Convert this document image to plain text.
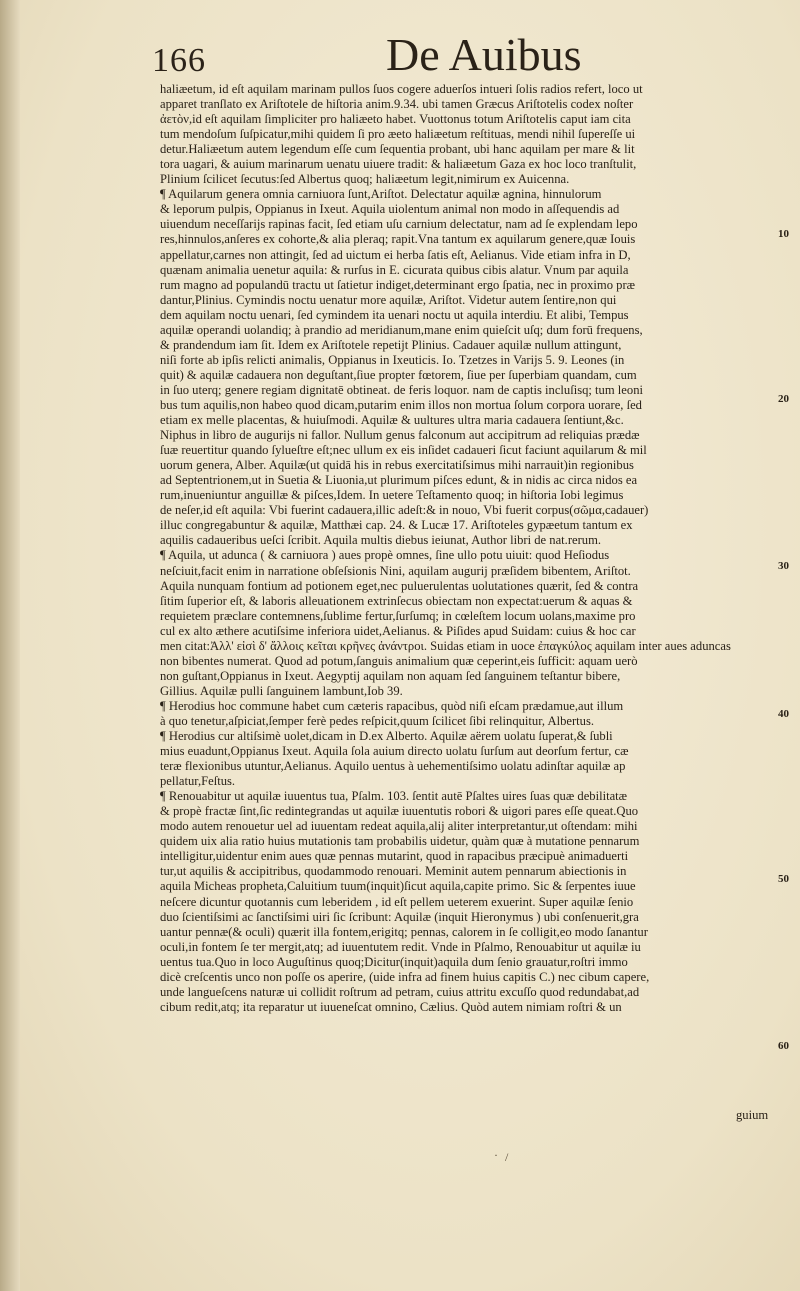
166	De Auibus
haliæetum, id eſt aquilam marinam pullos ſuos cogere aduerſos intueri ſolis radios refert, loco ut
apparet tranſlato ex Ariſtotele de hiſtoria anim.9.34. ubi tamen Græcus Ariſtotelis codex noſter
ἀετὸν,id eſt aquilam ſimpliciter pro haliæeto habet. Vuottonus totum Ariſtotelis caput iam cita
tum mendoſum ſuſpicatur,mihi quidem ſi pro æeto haliæetum reſtituas, mendi nihil ſupereſſe ui
detur.Haliæetum autem legendum eſſe cum ſequentia probant, ubi hanc aquilam per mare & lit
tora uagari, & auium marinarum uenatu uiuere tradit: & haliæetum Gaza ex hoc loco tranſtulit,
Plinium ſcilicet ſecutus:ſed Albertus quoq; haliæetum legit,nimirum ex Auicenna.
¶ Aquilarum genera omnia carniuora ſunt,Ariſtot. Delectatur aquilæ agnina, hinnulorum
& leporum pulpis, Oppianus in Ixeut. Aquila uiolentum animal non modo in aſſequendis ad
uiuendum neceſſarijs rapinas facit, ſed etiam uſu carnium delectatur, nam ad ſe explendam lepo
res,hinnulos,anſeres ex cohorte,& alia pleraq; rapit.Vna tantum ex aquilarum genere,quæ Iouis
appellatur,carnes non attingit, ſed ad uictum ei herba ſatis eſt, Aelianus. Vide etiam infra in D,
quænam animalia uenetur aquila: & rurſus in E. cicurata quibus cibis alatur. Vnum par aquila
rum magno ad populandū tractu ut ſatietur indiget,determinant ergo ſpatia, nec in proximo præ
dantur,Plinius. Cymindis noctu uenatur more aquilæ, Ariſtot. Videtur autem ſentire,non qui
dem aquilam noctu uenari, ſed cymindem ita uenari noctu ut aquila interdiu. Et alibi, Tempus
aquilæ operandi uolandiq; à prandio ad meridianum,mane enim quieſcit uſq; dum forū frequens,
& prandendum iam ſit. Idem ex Ariſtotele repetijt Plinius. Cadauer aquilæ nullum attingunt,
niſi forte ab ipſis relicti animalis, Oppianus in Ixeuticis. Io. Tzetzes in Varijs 5. 9. Leones (in
quit) & aquilæ cadauera non deguſtant,ſiue propter fœtorem, ſiue per ſuperbiam quandam, cum
in ſuo uterq; genere regiam dignitatē obtineat. de feris loquor. nam de captis incluſisq; tum leoni
bus tum aquilis,non habeo quod dicam,putarim enim illos non mortua ſolum corpora uorare, ſed
etiam ex melle placentas, & huiuſmodi. Aquilæ & uultures ultra maria cadauera ſentiunt,&c.
Niphus in libro de augurijs ni fallor. Nullum genus falconum aut accipitrum ad reliquias prædæ
ſuæ reuertitur quando ſylueſtre eſt;nec ullum ex eis inſidet cadaueri ſicut faciunt aquilarum & mil
uorum genera, Alber. Aquilæ(ut quidā his in rebus exercitatiſsimus mihi narrauit)in regionibus
ad Septentrionem,ut in Suetia & Liuonia,ut plurimum piſces edunt, & in nidis ac circa nidos ea
rum,inueniuntur anguillæ & piſces,Idem. In uetere Teſtamento quoq; in hiſtoria Iobi legimus
de neſer,id eſt aquila: Vbi fuerint cadauera,illic adeſt:& in nouo, Vbi fuerit corpus(σῶμα,cadauer)
illuc congregabuntur & aquilæ, Matthæi cap. 24. & Lucæ 17. Ariſtoteles gypæetum tantum ex
aquilis cadaueribus ueſci ſcribit. Aquila multis diebus ieiunat, Author libri de nat.rerum.
¶ Aquila, ut adunca ( & carniuora ) aues propè omnes, ſine ullo potu uiuit: quod Heſiodus
neſciuit,facit enim in narratione obſeſsionis Nini, aquilam augurij præſidem bibentem, Ariſtot.
Aquila nunquam fontium ad potionem eget,nec puluerulentas uolutationes quærit, ſed & contra
ſitim ſuperior eſt, & laboris alleuationem extrinſecus obiectam non expectat:uerum & aquas &
requietem præclare contemnens,ſublime fertur,ſurſumq; in cœleſtem locum uolans,maxime pro
cul ex alto æthere acutiſsime inferiora uidet,Aelianus. & Piſides apud Suidam: cuius & hoc car
men citat:Ἀλλ' εἰσὶ δ' ἄλλοις κεῖται κρῆνες ἀνάντροι. Suidas etiam in uoce ἐπαγκύλος aquilam inter aues aduncas
non bibentes numerat. Quod ad potum,ſanguis animalium quæ ceperint,eis ſufficit: aquam uerò
non guſtant,Oppianus in Ixeut. Aegyptij aquilam non aquam ſed ſanguinem teſtantur bibere,
Gillius. Aquilæ pulli ſanguinem lambunt,Iob 39.
¶ Herodius hoc commune habet cum cæteris rapacibus, quòd niſi eſcam prædamue,aut illum
à quo tenetur,aſpiciat,ſemper ferè pedes reſpicit,quum ſcilicet ſibi relinquitur, Albertus.
¶ Herodius cur altiſsimè uolet,dicam in D.ex Alberto. Aquilæ aërem uolatu ſuperat,& ſubli
mius euadunt,Oppianus Ixeut. Aquila ſola auium directo uolatu ſurſum aut deorſum fertur, cæ
teræ flexionibus utuntur,Aelianus. Aquilo uentus à uehementiſsimo uolatu adinſtar aquilæ ap
pellatur,Feſtus.
¶ Renouabitur ut aquilæ iuuentus tua, Pſalm. 103. ſentit autē Pſaltes uires ſuas quæ debilitatæ
& propè fractæ ſint,ſic redintegrandas ut aquilæ iuuentutis robori & uigori pares eſſe queat.Quo
modo autem renouetur uel ad iuuentam redeat aquila,alij aliter interpretantur,ut oſtendam: mihi
quidem uix alia ratio huius mutationis tam probabilis uidetur, quàm quæ à mutatione pennarum
intelligitur,uidentur enim aues quæ pennas mutarint, quod in rapacibus præcipuè animaduerti
tur,ut aquilis & accipitribus, quodammodo renouari. Meminit autem pennarum abiectionis in
aquila Micheas propheta,Caluitium tuum(inquit)ſicut aquila,capite primo. Sic & ſerpentes iuue
neſcere dicuntur quotannis cum leberidem , id eſt pellem ueterem exuerint. Super aquilæ ſenio
duo ſcientiſsimi ac ſanctiſsimi uiri ſic ſcribunt: Aquilæ (inquit Hieronymus ) ubi conſenuerit,gra
uantur pennæ(& oculi) quærit illa fontem,erigitq; pennas, calorem in ſe colligit,eo modo ſanantur
oculi,in fontem ſe ter mergit,atq; ad iuuentutem redit. Vnde in Pſalmo, Renouabitur ut aquilæ iu
uentus tua.Quo in loco Auguſtinus quoq;Dicitur(inquit)aquila dum ſenio grauatur,roſtri immo
dicè creſcentis unco non poſſe os aperire, (uide infra ad finem huius capitis C.) nec cibum capere,
unde langueſcens naturæ ui collidit roſtrum ad petram, cuius attritu excuſſo quod redundabat,ad
cibum redit,atq; ita reparatur ut iuueneſcat omnino, Cælius. Quòd autem nimiam roſtri & un
10
20
30
40
50
60
guium
· /
